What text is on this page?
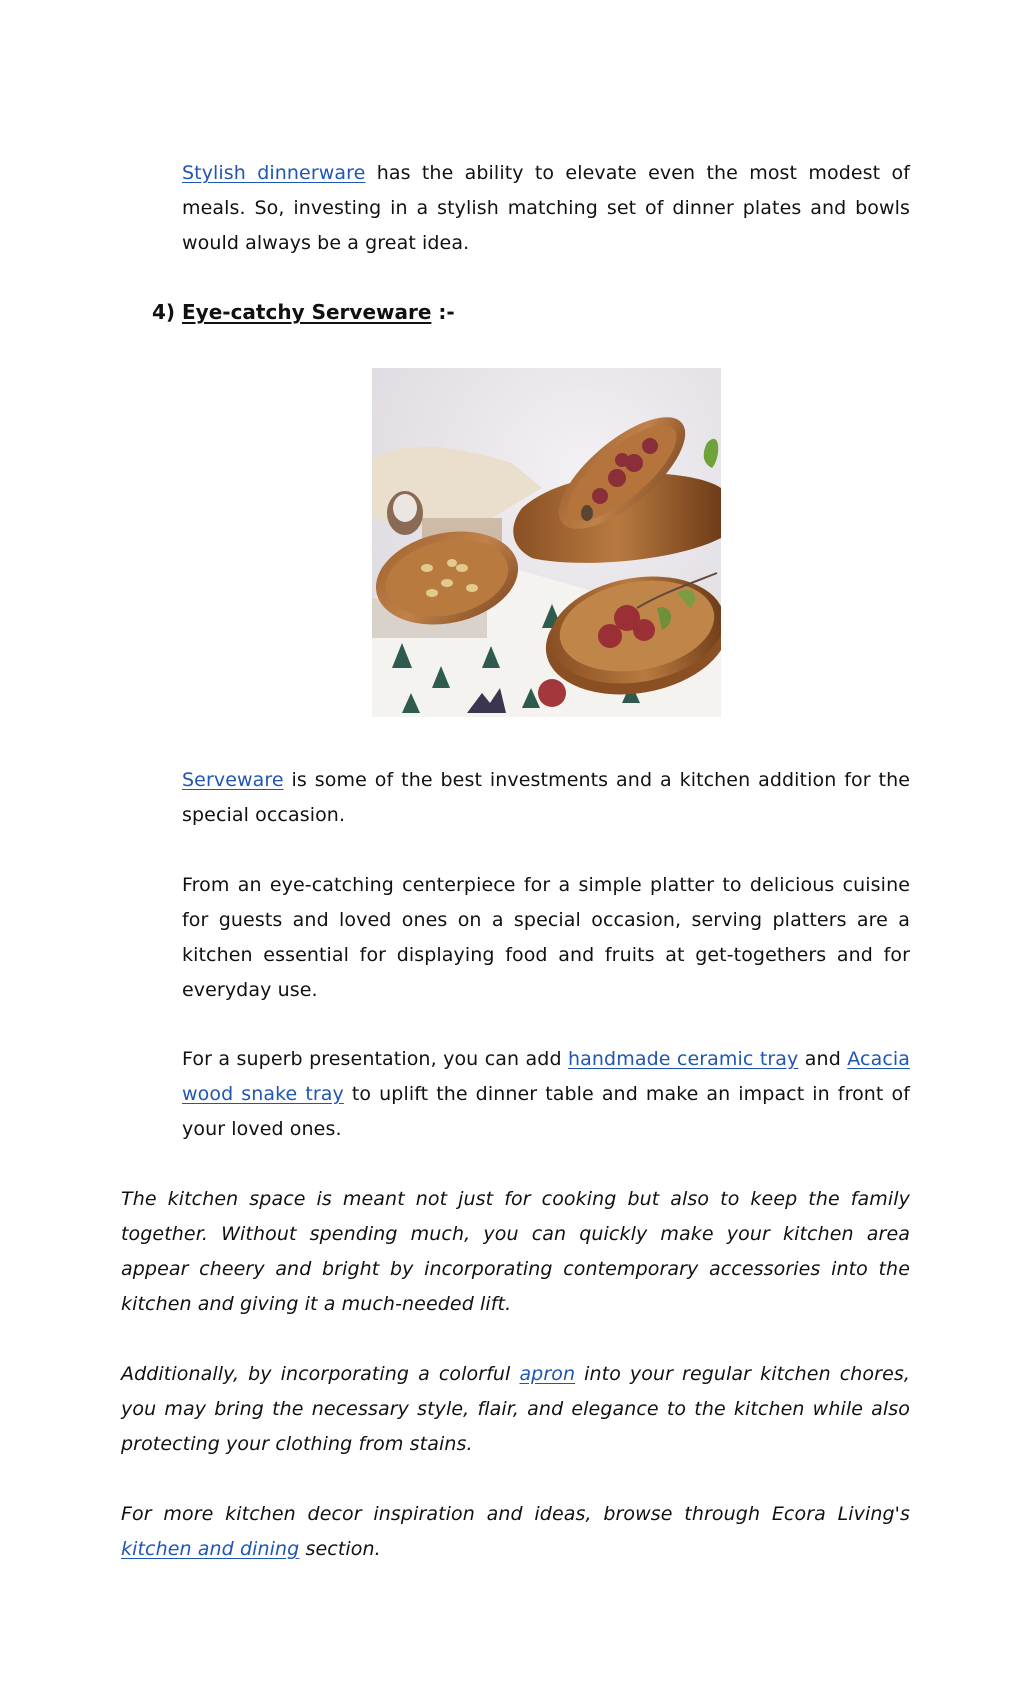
Stylish dinnerware has the ability to elevate even the most modest of meals. So, investing in a stylish matching set of dinner plates and bowls would always be a great idea.

4) Eye-catchy Serveware :-

Serveware is some of the best investments and a kitchen addition for the special occasion.

From an eye-catching centerpiece for a simple platter to delicious cuisine for guests and loved ones on a special occasion, serving platters are a kitchen essential for displaying food and fruits at get-togethers and for everyday use.

For a superb presentation, you can add handmade ceramic tray and Acacia wood snake tray to uplift the dinner table and make an impact in front of your loved ones.

The kitchen space is meant not just for cooking but also to keep the family together. Without spending much, you can quickly make your kitchen area appear cheery and bright by incorporating contemporary accessories into the kitchen and giving it a much-needed lift.

Additionally, by incorporating a colorful apron into your regular kitchen chores, you may bring the necessary style, flair, and elegance to the kitchen while also protecting your clothing from stains.

For more kitchen decor inspiration and ideas, browse through Ecora Living's kitchen and dining section.
